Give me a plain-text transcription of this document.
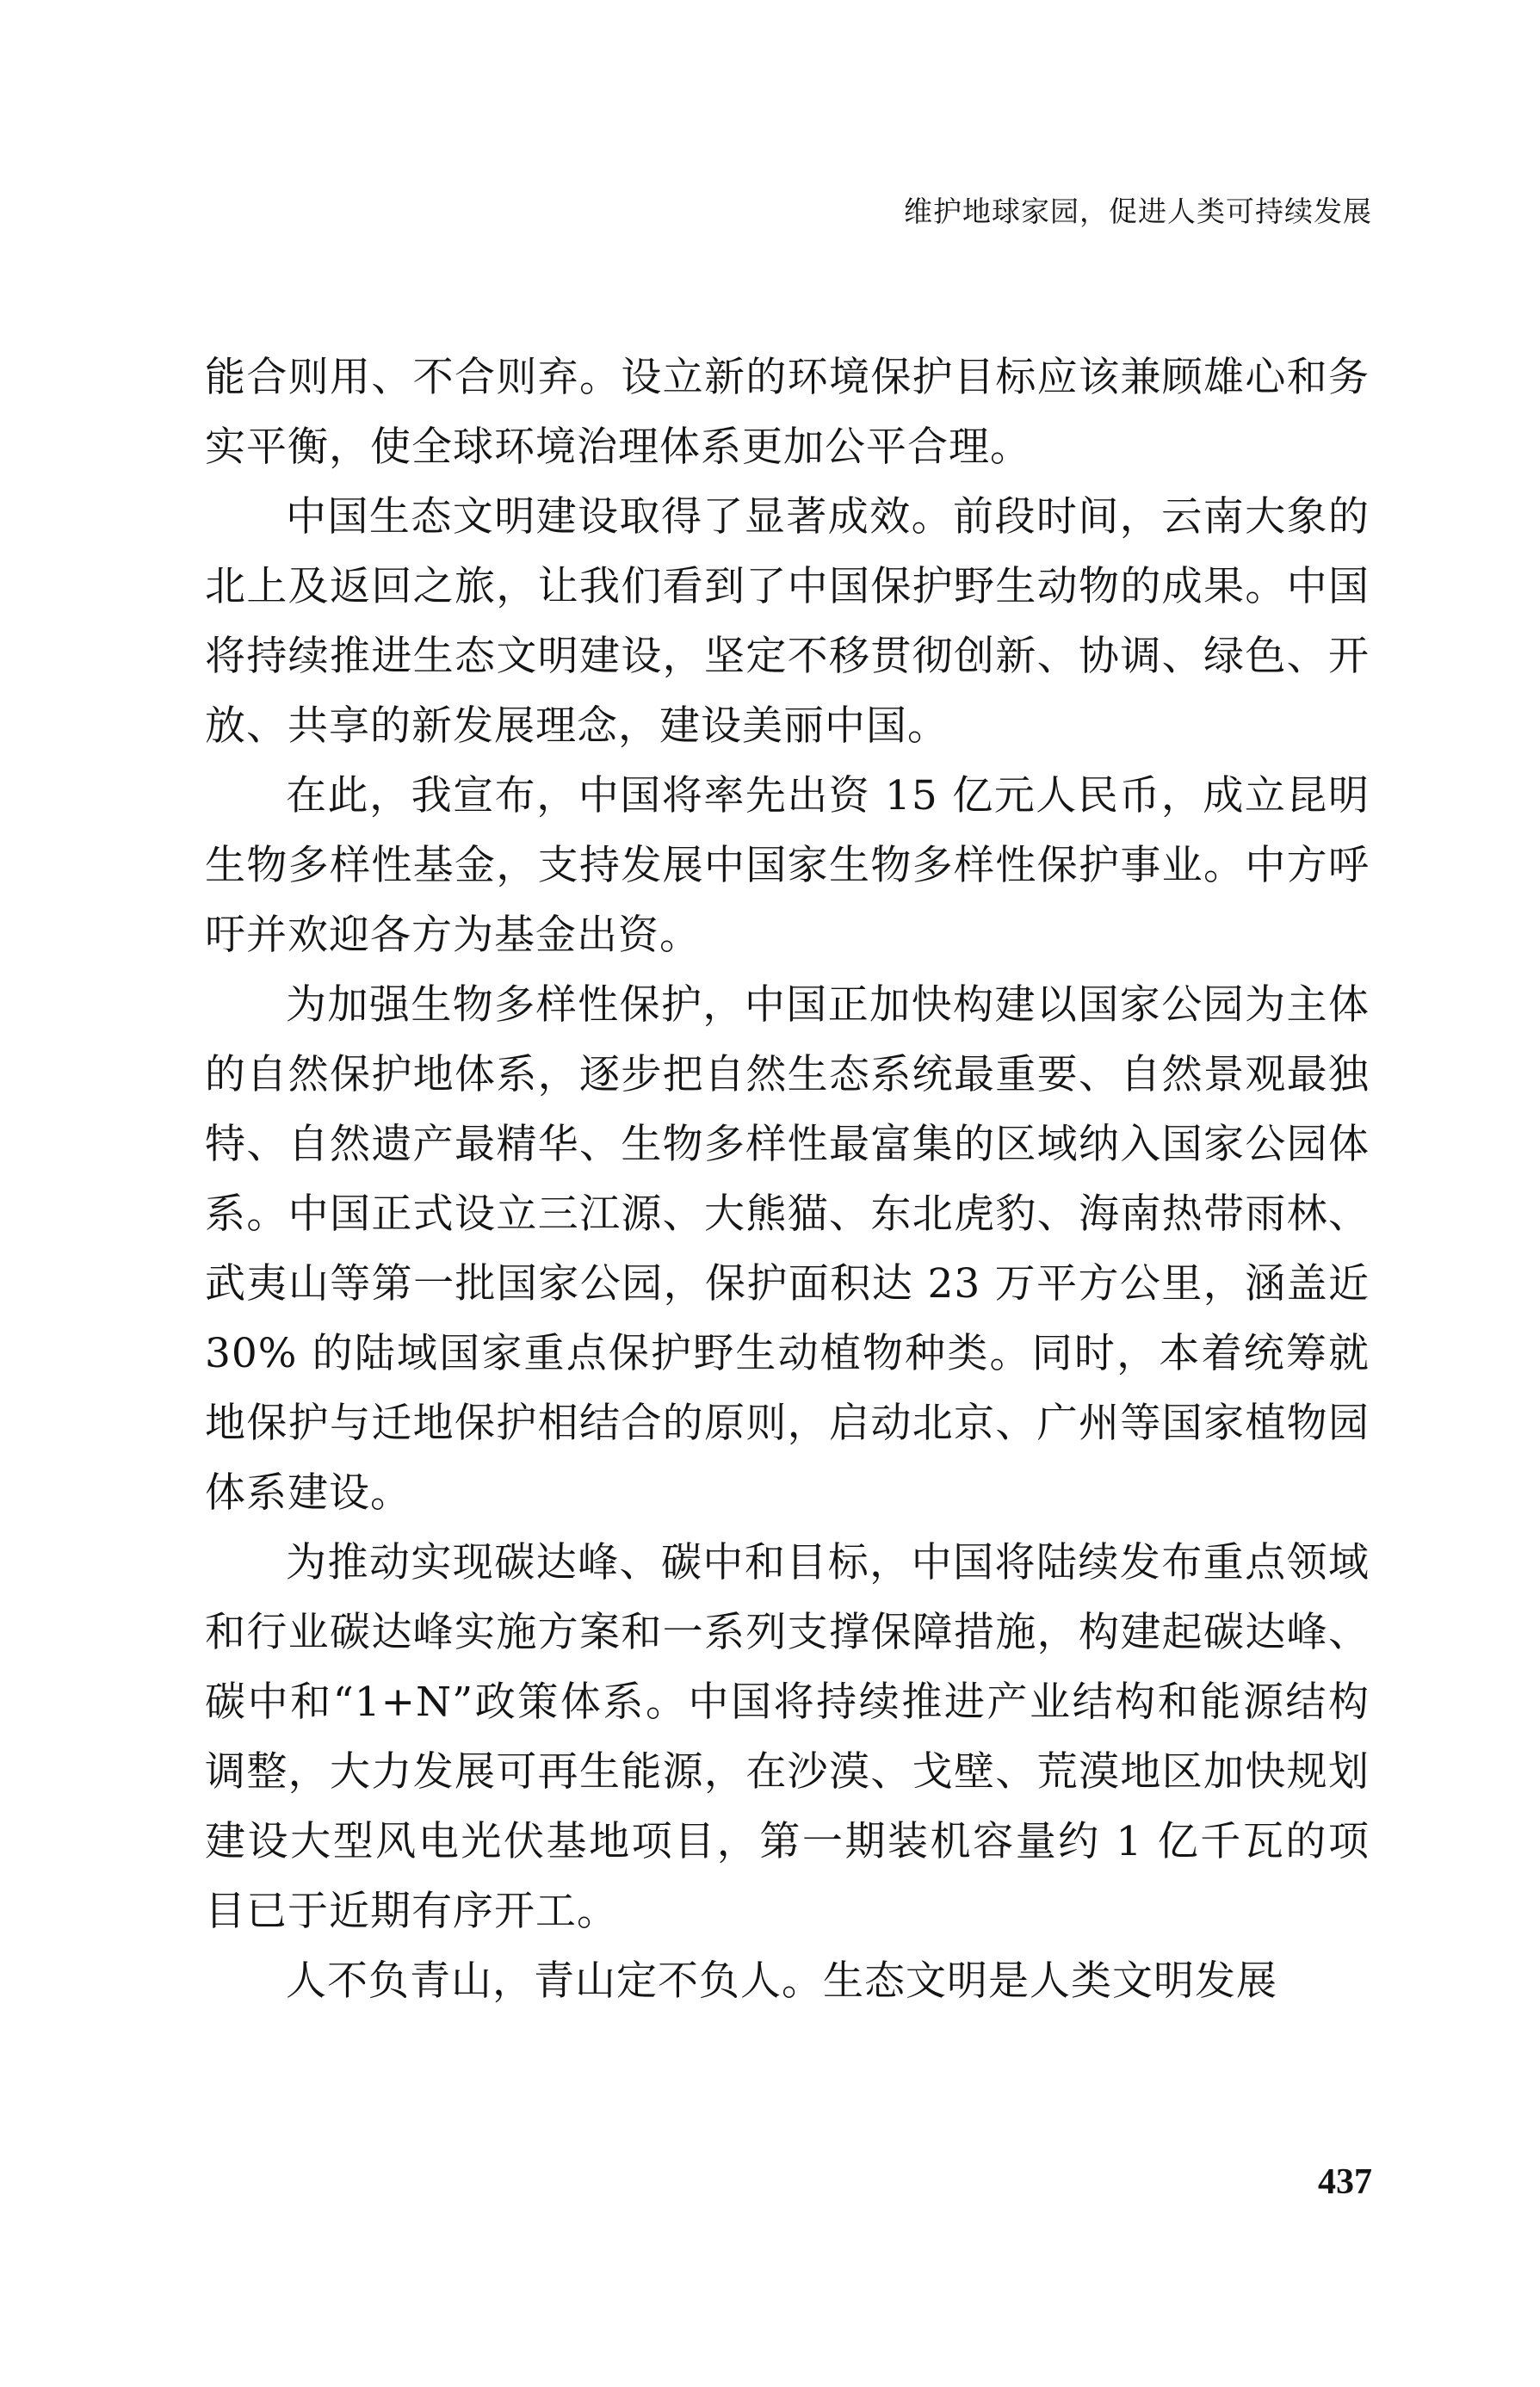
维护地球家园，促进人类可持续发展

能合则用、不合则弃。设立新的环境保护目标应该兼顾雄心和务实平衡，使全球环境治理体系更加公平合理。

中国生态文明建设取得了显著成效。前段时间，云南大象的北上及返回之旅，让我们看到了中国保护野生动物的成果。中国将持续推进生态文明建设，坚定不移贯彻创新、协调、绿色、开放、共享的新发展理念，建设美丽中国。

在此，我宣布，中国将率先出资 15 亿元人民币，成立昆明生物多样性基金，支持发展中国家生物多样性保护事业。中方呼吁并欢迎各方为基金出资。

为加强生物多样性保护，中国正加快构建以国家公园为主体的自然保护地体系，逐步把自然生态系统最重要、自然景观最独特、自然遗产最精华、生物多样性最富集的区域纳入国家公园体系。中国正式设立三江源、大熊猫、东北虎豹、海南热带雨林、武夷山等第一批国家公园，保护面积达 23 万平方公里，涵盖近 30% 的陆域国家重点保护野生动植物种类。同时，本着统筹就地保护与迁地保护相结合的原则，启动北京、广州等国家植物园体系建设。

为推动实现碳达峰、碳中和目标，中国将陆续发布重点领域和行业碳达峰实施方案和一系列支撑保障措施，构建起碳达峰、碳中和“1+N”政策体系。中国将持续推进产业结构和能源结构调整，大力发展可再生能源，在沙漠、戈壁、荒漠地区加快规划建设大型风电光伏基地项目，第一期装机容量约 1 亿千瓦的项目已于近期有序开工。

人不负青山，青山定不负人。生态文明是人类文明发展

437
